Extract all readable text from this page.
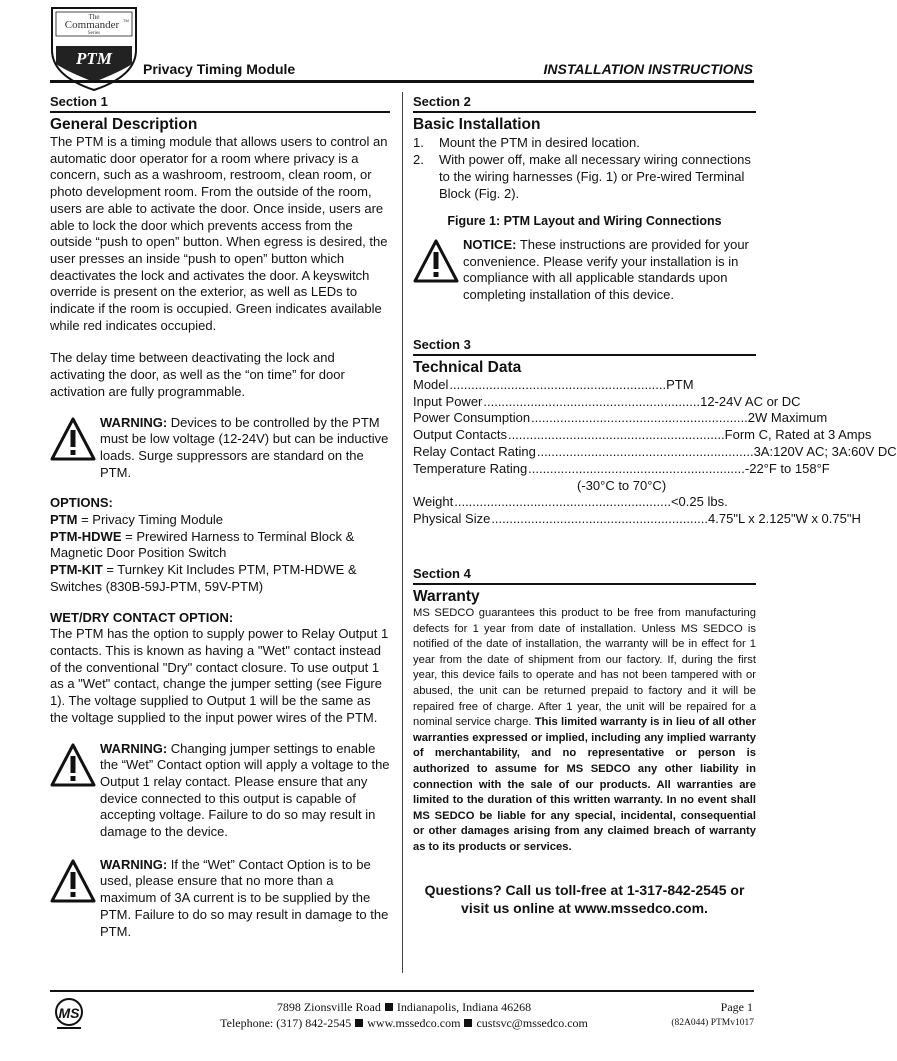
The
Commander TM
Series
PTM
Privacy Timing Module	INSTALLATION INSTRUCTIONS
Section 1
General Description

The PTM is a timing module that allows users to control an automatic door operator for a room where privacy is a concern, such as a washroom, restroom, clean room, or photo development room. From the outside of the room, users are able to activate the door. Once inside, users are able to lock the door which prevents access from the outside “push to open” button. When egress is desired, the user presses an inside “push to open” button which deactivates the lock and activates the door. A keyswitch override is present on the exterior, as well as LEDs to indicate if the room is occupied. Green indicates available while red indicates occupied.

The delay time between deactivating the lock and activating the door, as well as the “on time” for door activation are fully programmable.

WARNING: Devices to be controlled by the PTM must be low voltage (12-24V) but can be inductive loads. Surge suppressors are standard on the PTM.
OPTIONS:
PTM = Privacy Timing Module
PTM-HDWE = Prewired Harness to Terminal Block & Magnetic Door Position Switch
PTM-KIT = Turnkey Kit Includes PTM, PTM-HDWE & Switches (830B-59J-PTM, 59V-PTM)
WET/DRY CONTACT OPTION:

The PTM has the option to supply power to Relay Output 1 contacts. This is known as having a "Wet" contact instead of the conventional "Dry" contact closure. To use output 1 as a "Wet" contact, change the jumper setting (see Figure 1). The voltage supplied to Output 1 will be the same as the voltage supplied to the input power wires of the PTM.

WARNING: Changing jumper settings to enable the “Wet” Contact option will apply a voltage to the Output 1 relay contact. Please ensure that any device connected to this output is capable of accepting voltage. Failure to do so may result in damage to the device.
WARNING: If the “Wet” Contact Option is to be used, please ensure that no more than a maximum of 3A current is to be supplied by the PTM. Failure to do so may result in damage to the PTM.
Section 2
Basic Installation
1.	Mount the PTM in desired location.
2.	With power off, make all necessary wiring connections to the wiring harnesses (Fig. 1) or Pre-wired Terminal Block (Fig. 2).
Figure 1: PTM Layout and Wiring Connections
NOTICE: These instructions are provided for your convenience. Please verify your installation is in compliance with all applicable standards upon completing installation of this device.
Section 3
Technical Data
Model............................................................ PTM
Input Power............................................................ 12-24V AC or DC
Power Consumption............................................................ 2W Maximum
Output Contacts............................................................ Form C, Rated at 3 Amps
Relay Contact Rating............................................................ 3A:120V AC; 3A:60V DC
Temperature Rating............................................................ -22°F to 158°F
(-30°C to 70°C)
Weight............................................................ <0.25 lbs.
Physical Size............................................................ 4.75"L x 2.125"W x 0.75"H
Section 4
Warranty

MS SEDCO guarantees this product to be free from manufacturing defects for 1 year from date of installation. Unless MS SEDCO is notified of the date of installation, the warranty will be in effect for 1 year from the date of shipment from our factory. If, during the first year, this device fails to operate and has not been tampered with or abused, the unit can be returned prepaid to factory and it will be repaired free of charge. After 1 year, the unit will be repaired for a nominal service charge. This limited warranty is in lieu of all other warranties expressed or implied, including any implied warranty of merchantability, and no representative or person is authorized to assume for MS SEDCO any other liability in connection with the sale of our products. All warranties are limited to the duration of this written warranty. In no event shall MS SEDCO be liable for any special, incidental, consequential or other damages arising from any claimed breach of warranty as to its products or services.

Questions? Call us toll-free at 1-317-842-2545 or
visit us online at www.mssedco.com.
MS	7898 Zionsville Road Indianapolis, Indiana 46268
Telephone: (317) 842-2545 www.mssedco.com custsvc@mssedco.com
Page 1
(82A044) PTMv1017
